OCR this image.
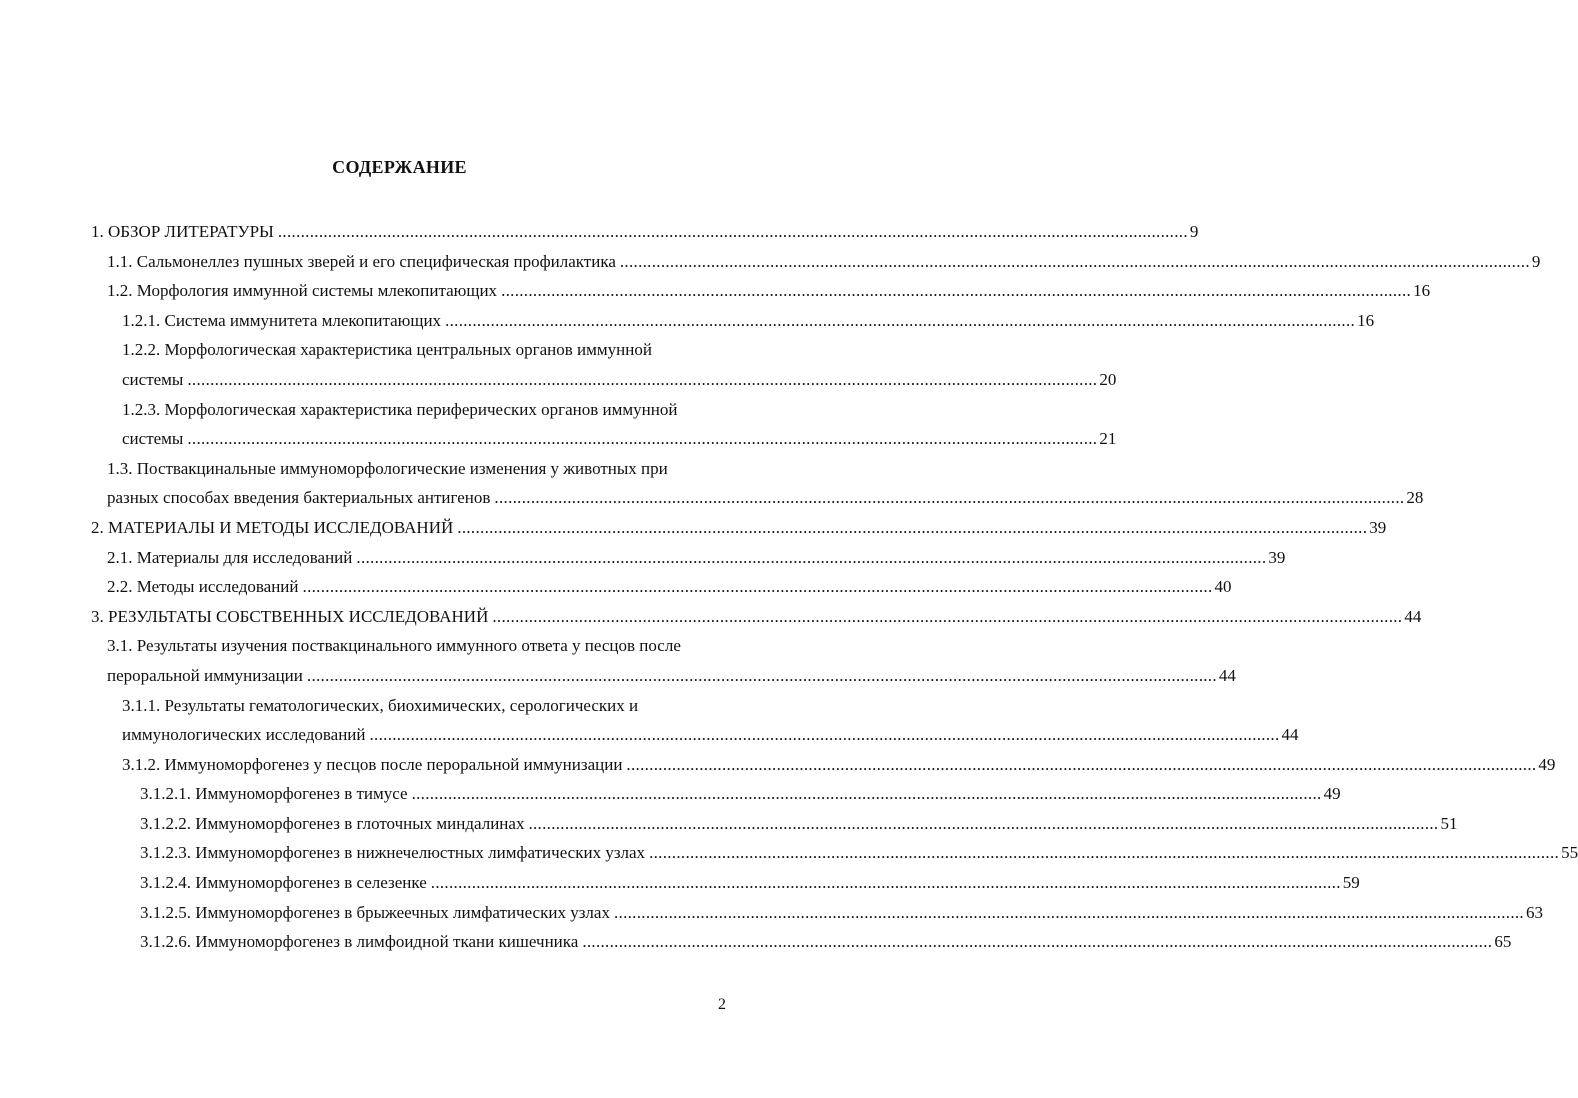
СОДЕРЖАНИЕ
1. ОБЗОР ЛИТЕРАТУРЫ ........................................................................................................................................................................................................ 9
1.1. Сальмонеллез пушных зверей и его специфическая профилактика ........................................................................................................................................................................................................ 9
1.2. Морфология иммунной системы млекопитающих ........................................................................................................................................................................................................ 16
1.2.1. Система иммунитета млекопитающих ........................................................................................................................................................................................................ 16
1.2.2. Морфологическая характеристика центральных органов иммунной
системы ........................................................................................................................................................................................................ 20
1.2.3. Морфологическая характеристика периферических органов иммунной
системы ........................................................................................................................................................................................................ 21
1.3. Поствакцинальные иммуноморфологические изменения у животных при
разных способах введения бактериальных антигенов ........................................................................................................................................................................................................ 28
2. МАТЕРИАЛЫ И МЕТОДЫ ИССЛЕДОВАНИЙ ........................................................................................................................................................................................................ 39
2.1. Материалы для исследований ........................................................................................................................................................................................................ 39
2.2. Методы исследований ........................................................................................................................................................................................................ 40
3. РЕЗУЛЬТАТЫ СОБСТВЕННЫХ ИССЛЕДОВАНИЙ ........................................................................................................................................................................................................ 44
3.1. Результаты изучения поствакцинального иммунного ответа у песцов после
пероральной иммунизации ........................................................................................................................................................................................................ 44
3.1.1. Результаты гематологических, биохимических, серологических и
иммунологических исследований ........................................................................................................................................................................................................ 44
3.1.2. Иммуноморфогенез у песцов после пероральной иммунизации ........................................................................................................................................................................................................ 49
3.1.2.1. Иммуноморфогенез в тимусе ........................................................................................................................................................................................................ 49
3.1.2.2. Иммуноморфогенез в глоточных миндалинах ........................................................................................................................................................................................................ 51
3.1.2.3. Иммуноморфогенез в нижнечелюстных лимфатических узлах ........................................................................................................................................................................................................ 55
3.1.2.4. Иммуноморфогенез в селезенке ........................................................................................................................................................................................................ 59
3.1.2.5. Иммуноморфогенез в брыжеечных лимфатических узлах ........................................................................................................................................................................................................ 63
3.1.2.6. Иммуноморфогенез в лимфоидной ткани кишечника ........................................................................................................................................................................................................ 65
2
